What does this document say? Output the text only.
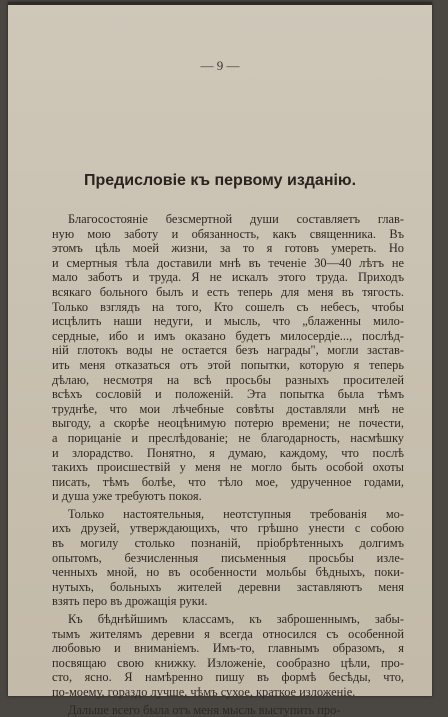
— 9 —
Предисловіе къ первому изданію.
Благосостояніе безсмертной души составляетъ глав-
ную мою заботу и обязанность, какъ священника. Въ
этомъ цѣль моей жизни, за то я готовъ умереть. Но
и смертныя тѣла доставили мнѣ въ теченіе 30—40 лѣтъ не
мало заботъ и труда. Я не искалъ этого труда. Приходъ
всякаго больного былъ и есть теперь для меня въ тягость.
Только взглядъ на того, Кто сошелъ съ небесъ, чтобы
исцѣлить наши недуги, и мысль, что „блаженны мило-
сердные, ибо и имъ оказано будетъ милосердіе..., послѣд-
ній глотокъ воды не остается безъ награды", могли застав-
ить меня отказаться отъ этой попытки, которую я теперь
дѣлаю, несмотря на всѣ просьбы разныхъ просителей
всѣхъ сословій и положеній. Эта попытка была тѣмъ
труднѣе, что мои лѣчебные совѣты доставляли мнѣ не
выгоду, а скорѣе неоцѣнимую потерю времени; не почести,
а порицаніе и преслѣдованіе; не благодарность, насмѣшку
и злорадство. Понятно, я думаю, каждому, что послѣ
такихъ происшествій у меня не могло быть особой охоты
писать, тѣмъ болѣе, что тѣло мое, удрученное годами,
и душа уже требуютъ покоя.
Только настоятельныя, неотступныя требованія мо-
ихъ друзей, утверждающихъ, что грѣшно унести с собою
въ могилу столько познаній, пріобрѣтенныхъ долгимъ
опытомъ, безчисленныя письменныя просьбы изле-
ченныхъ мной, но въ особенности мольбы бѣдныхъ, поки-
нутыхъ, больныхъ жителей деревни заставляютъ меня
взять перо въ дрожащія руки.
Къ бѣднѣйшимъ классамъ, къ заброшеннымъ, забы-
тымъ жителямъ деревни я всегда относился съ особенной
любовью и вниманіемъ. Имъ-то, главнымъ образомъ, я
посвящаю свою книжку. Изложеніе, сообразно цѣли, про-
сто, ясно. Я намѣренно пишу въ формѣ бесѣды, что,
по-моему, гораздо лучше, чѣмъ сухое, краткое изложеніе.
Дальше всего была отъ меня мысль выступить про-
